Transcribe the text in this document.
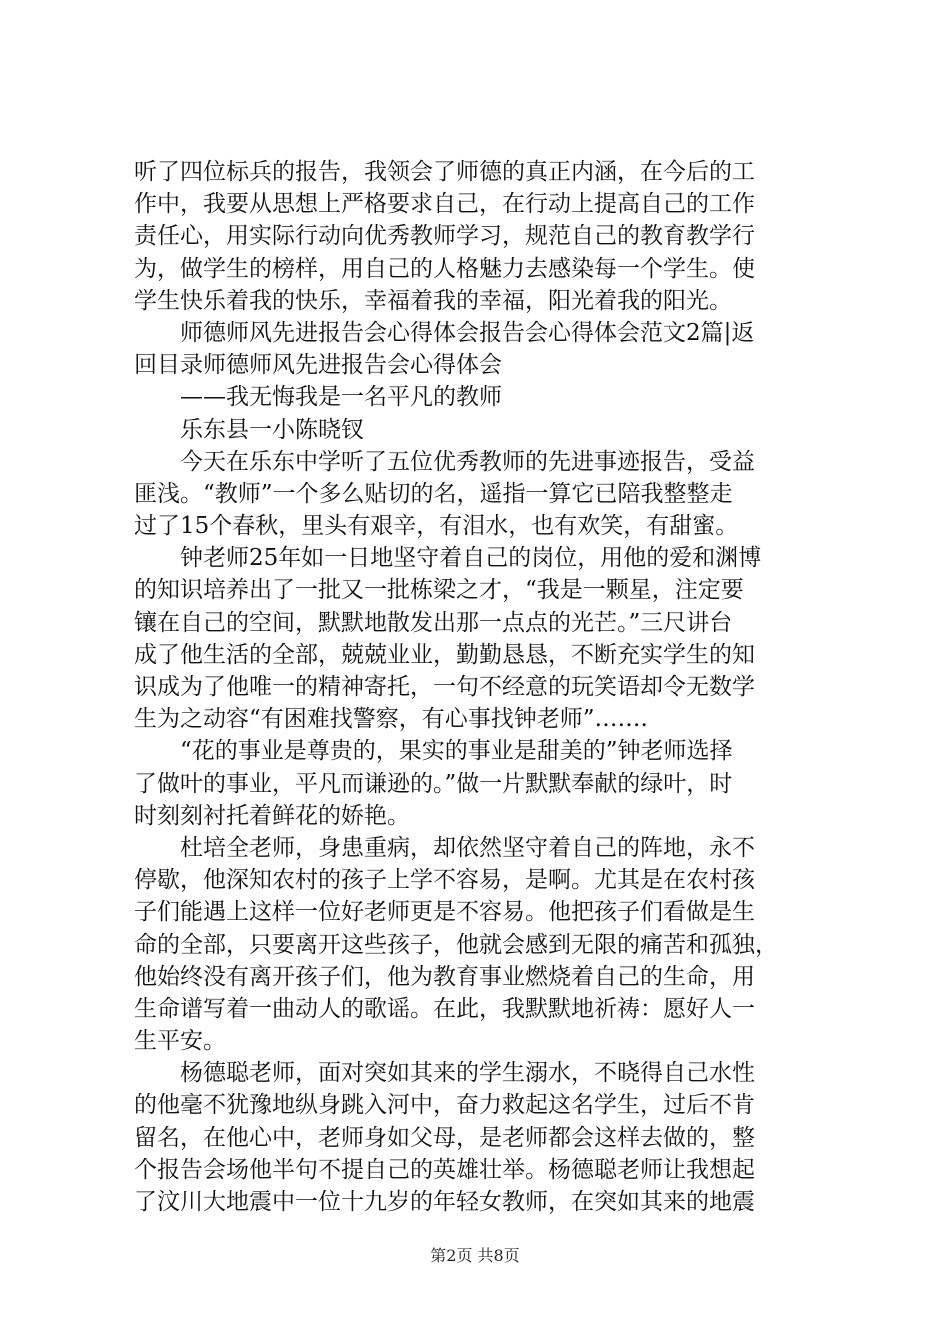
听了四位标兵的报告，我领会了师德的真正内涵，在今后的工
作中，我要从思想上严格要求自己，在行动上提高自己的工作
责任心，用实际行动向优秀教师学习，规范自己的教育教学行
为，做学生的榜样，用自己的人格魅力去感染每一个学生。使
学生快乐着我的快乐，幸福着我的幸福，阳光着我的阳光。
　　师德师风先进报告会心得体会报告会心得体会范文2篇|返
回目录师德师风先进报告会心得体会
　　——我无悔我是一名平凡的教师
　　乐东县一小陈晓钗
　　今天在乐东中学听了五位优秀教师的先进事迹报告，受益
匪浅。“教师”一个多么贴切的名，遥指一算它已陪我整整走
过了15个春秋，里头有艰辛，有泪水，也有欢笑，有甜蜜。
　　钟老师25年如一日地坚守着自己的岗位，用他的爱和渊博
的知识培养出了一批又一批栋梁之才，“我是一颗星，注定要
镶在自己的空间，默默地散发出那一点点的光芒。”三尺讲台
成了他生活的全部，兢兢业业，勤勤恳恳，不断充实学生的知
识成为了他唯一的精神寄托，一句不经意的玩笑语却令无数学
生为之动容“有困难找警察，有心事找钟老师”…….
　　“花的事业是尊贵的，果实的事业是甜美的”钟老师选择
了做叶的事业，平凡而谦逊的。”做一片默默奉献的绿叶，时
时刻刻衬托着鲜花的娇艳。
　　杜培全老师，身患重病，却依然坚守着自己的阵地，永不
停歇，他深知农村的孩子上学不容易，是啊。尤其是在农村孩
子们能遇上这样一位好老师更是不容易。他把孩子们看做是生
命的全部，只要离开这些孩子，他就会感到无限的痛苦和孤独，
他始终没有离开孩子们，他为教育事业燃烧着自己的生命，用
生命谱写着一曲动人的歌谣。在此，我默默地祈祷：愿好人一
生平安。
　　杨德聪老师，面对突如其来的学生溺水，不晓得自己水性
的他毫不犹豫地纵身跳入河中，奋力救起这名学生，过后不肯
留名，在他心中，老师身如父母，是老师都会这样去做的，整
个报告会场他半句不提自己的英雄壮举。杨德聪老师让我想起
了汶川大地震中一位十九岁的年轻女教师，在突如其来的地震
第2页 共8页
